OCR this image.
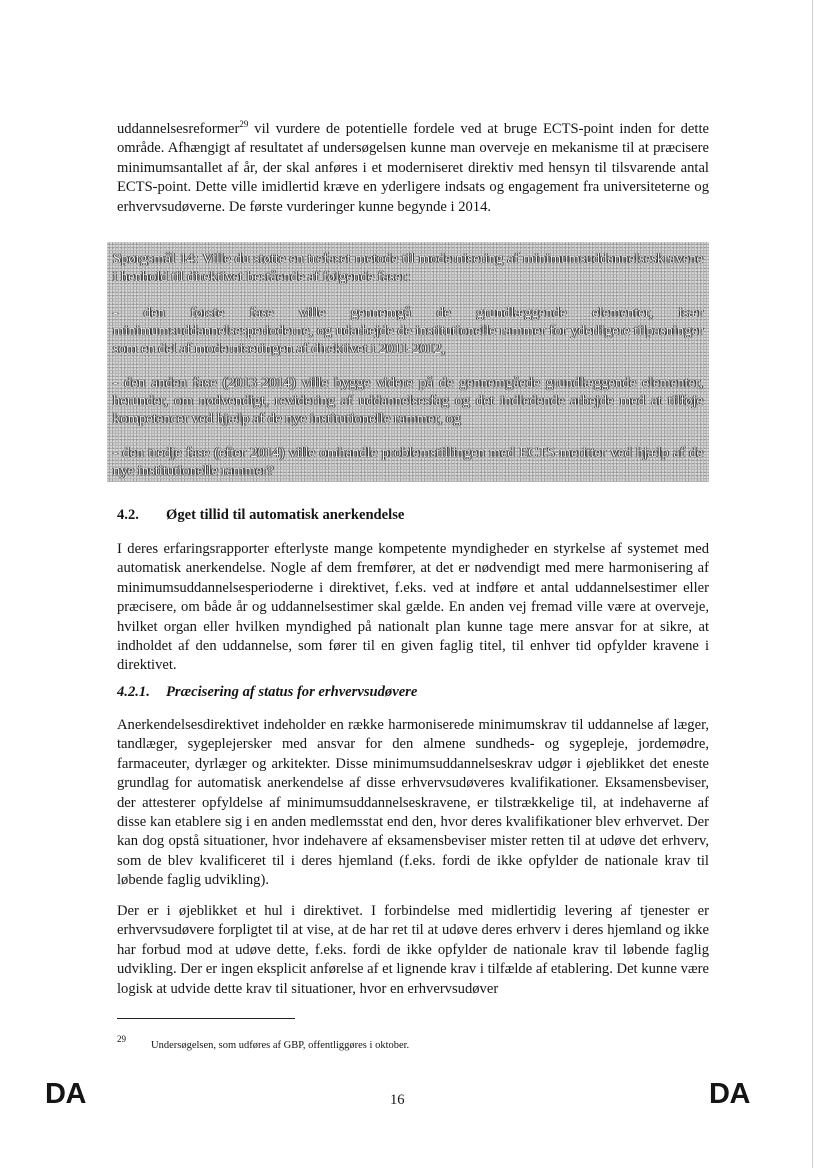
uddannelsesreformer$^{29}$ vil vurdere de potentielle fordele ved at bruge ECTS-point inden for dette område. Afhængigt af resultatet af undersøgelsen kunne man overveje en mekanisme til at præcisere minimumsantallet af år, der skal anføres i et moderniseret direktiv med hensyn til tilsvarende antal ECTS-point. Dette ville imidlertid kræve en yderligere indsats og engagement fra universiteterne og erhvervsudøverne. De første vurderinger kunne begynde i 2014.

Spørgsmål 14: Ville du støtte en trefaset metode til modernisering af minimumsuddannelseskravene i henhold til direktivet bestående af følgende faser:

- den første fase ville gennemgå de grundlæggende elementer, især minimumsuddannelsesperioderne, og udarbejde de institutionelle rammer for yderligere tilpasninger som en del af moderniseringen af direktivet i 2011-2012,

- den anden fase (2013-2014) ville bygge videre på de gennemgåede grundlæggende elementer, herunder, om nødvendigt, revidering af uddannelsesfag og det indledende arbejde med at tilføje kompetencer ved hjælp af de nye institutionelle rammer, og

- den tredje fase (efter 2014) ville omhandle problemstillingen med ECTS-meritter ved hjælp af de nye institutionelle rammer?

4.2. Øget tillid til automatisk anerkendelse

I deres erfaringsrapporter efterlyste mange kompetente myndigheder en styrkelse af systemet med automatisk anerkendelse. Nogle af dem fremfører, at det er nødvendigt med mere harmonisering af minimumsuddannelsesperioderne i direktivet, f.eks. ved at indføre et antal uddannelsestimer eller præcisere, om både år og uddannelsestimer skal gælde. En anden vej fremad ville være at overveje, hvilket organ eller hvilken myndighed på nationalt plan kunne tage mere ansvar for at sikre, at indholdet af den uddannelse, som fører til en given faglig titel, til enhver tid opfylder kravene i direktivet.

4.2.1. Præcisering af status for erhvervsudøvere

Anerkendelsesdirektivet indeholder en række harmoniserede minimumskrav til uddannelse af læger, tandlæger, sygeplejersker med ansvar for den almene sundheds- og sygepleje, jordemødre, farmaceuter, dyrlæger og arkitekter. Disse minimumsuddannelseskrav udgør i øjeblikket det eneste grundlag for automatisk anerkendelse af disse erhvervsudøveres kvalifikationer. Eksamensbeviser, der attesterer opfyldelse af minimumsuddannelseskravene, er tilstrækkelige til, at indehaverne af disse kan etablere sig i en anden medlemsstat end den, hvor deres kvalifikationer blev erhvervet. Der kan dog opstå situationer, hvor indehavere af eksamensbeviser mister retten til at udøve det erhverv, som de blev kvalificeret til i deres hjemland (f.eks. fordi de ikke opfylder de nationale krav til løbende faglig udvikling).

Der er i øjeblikket et hul i direktivet. I forbindelse med midlertidig levering af tjenester er erhvervsudøvere forpligtet til at vise, at de har ret til at udøve deres erhverv i deres hjemland og ikke har forbud mod at udøve dette, f.eks. fordi de ikke opfylder de nationale krav til løbende faglig udvikling. Der er ingen eksplicit anførelse af et lignende krav i tilfælde af etablering. Det kunne være logisk at udvide dette krav til situationer, hvor en erhvervsudøver

29
Undersøgelsen, som udføres af GBP, offentliggøres i oktober.
DA	16	DA
